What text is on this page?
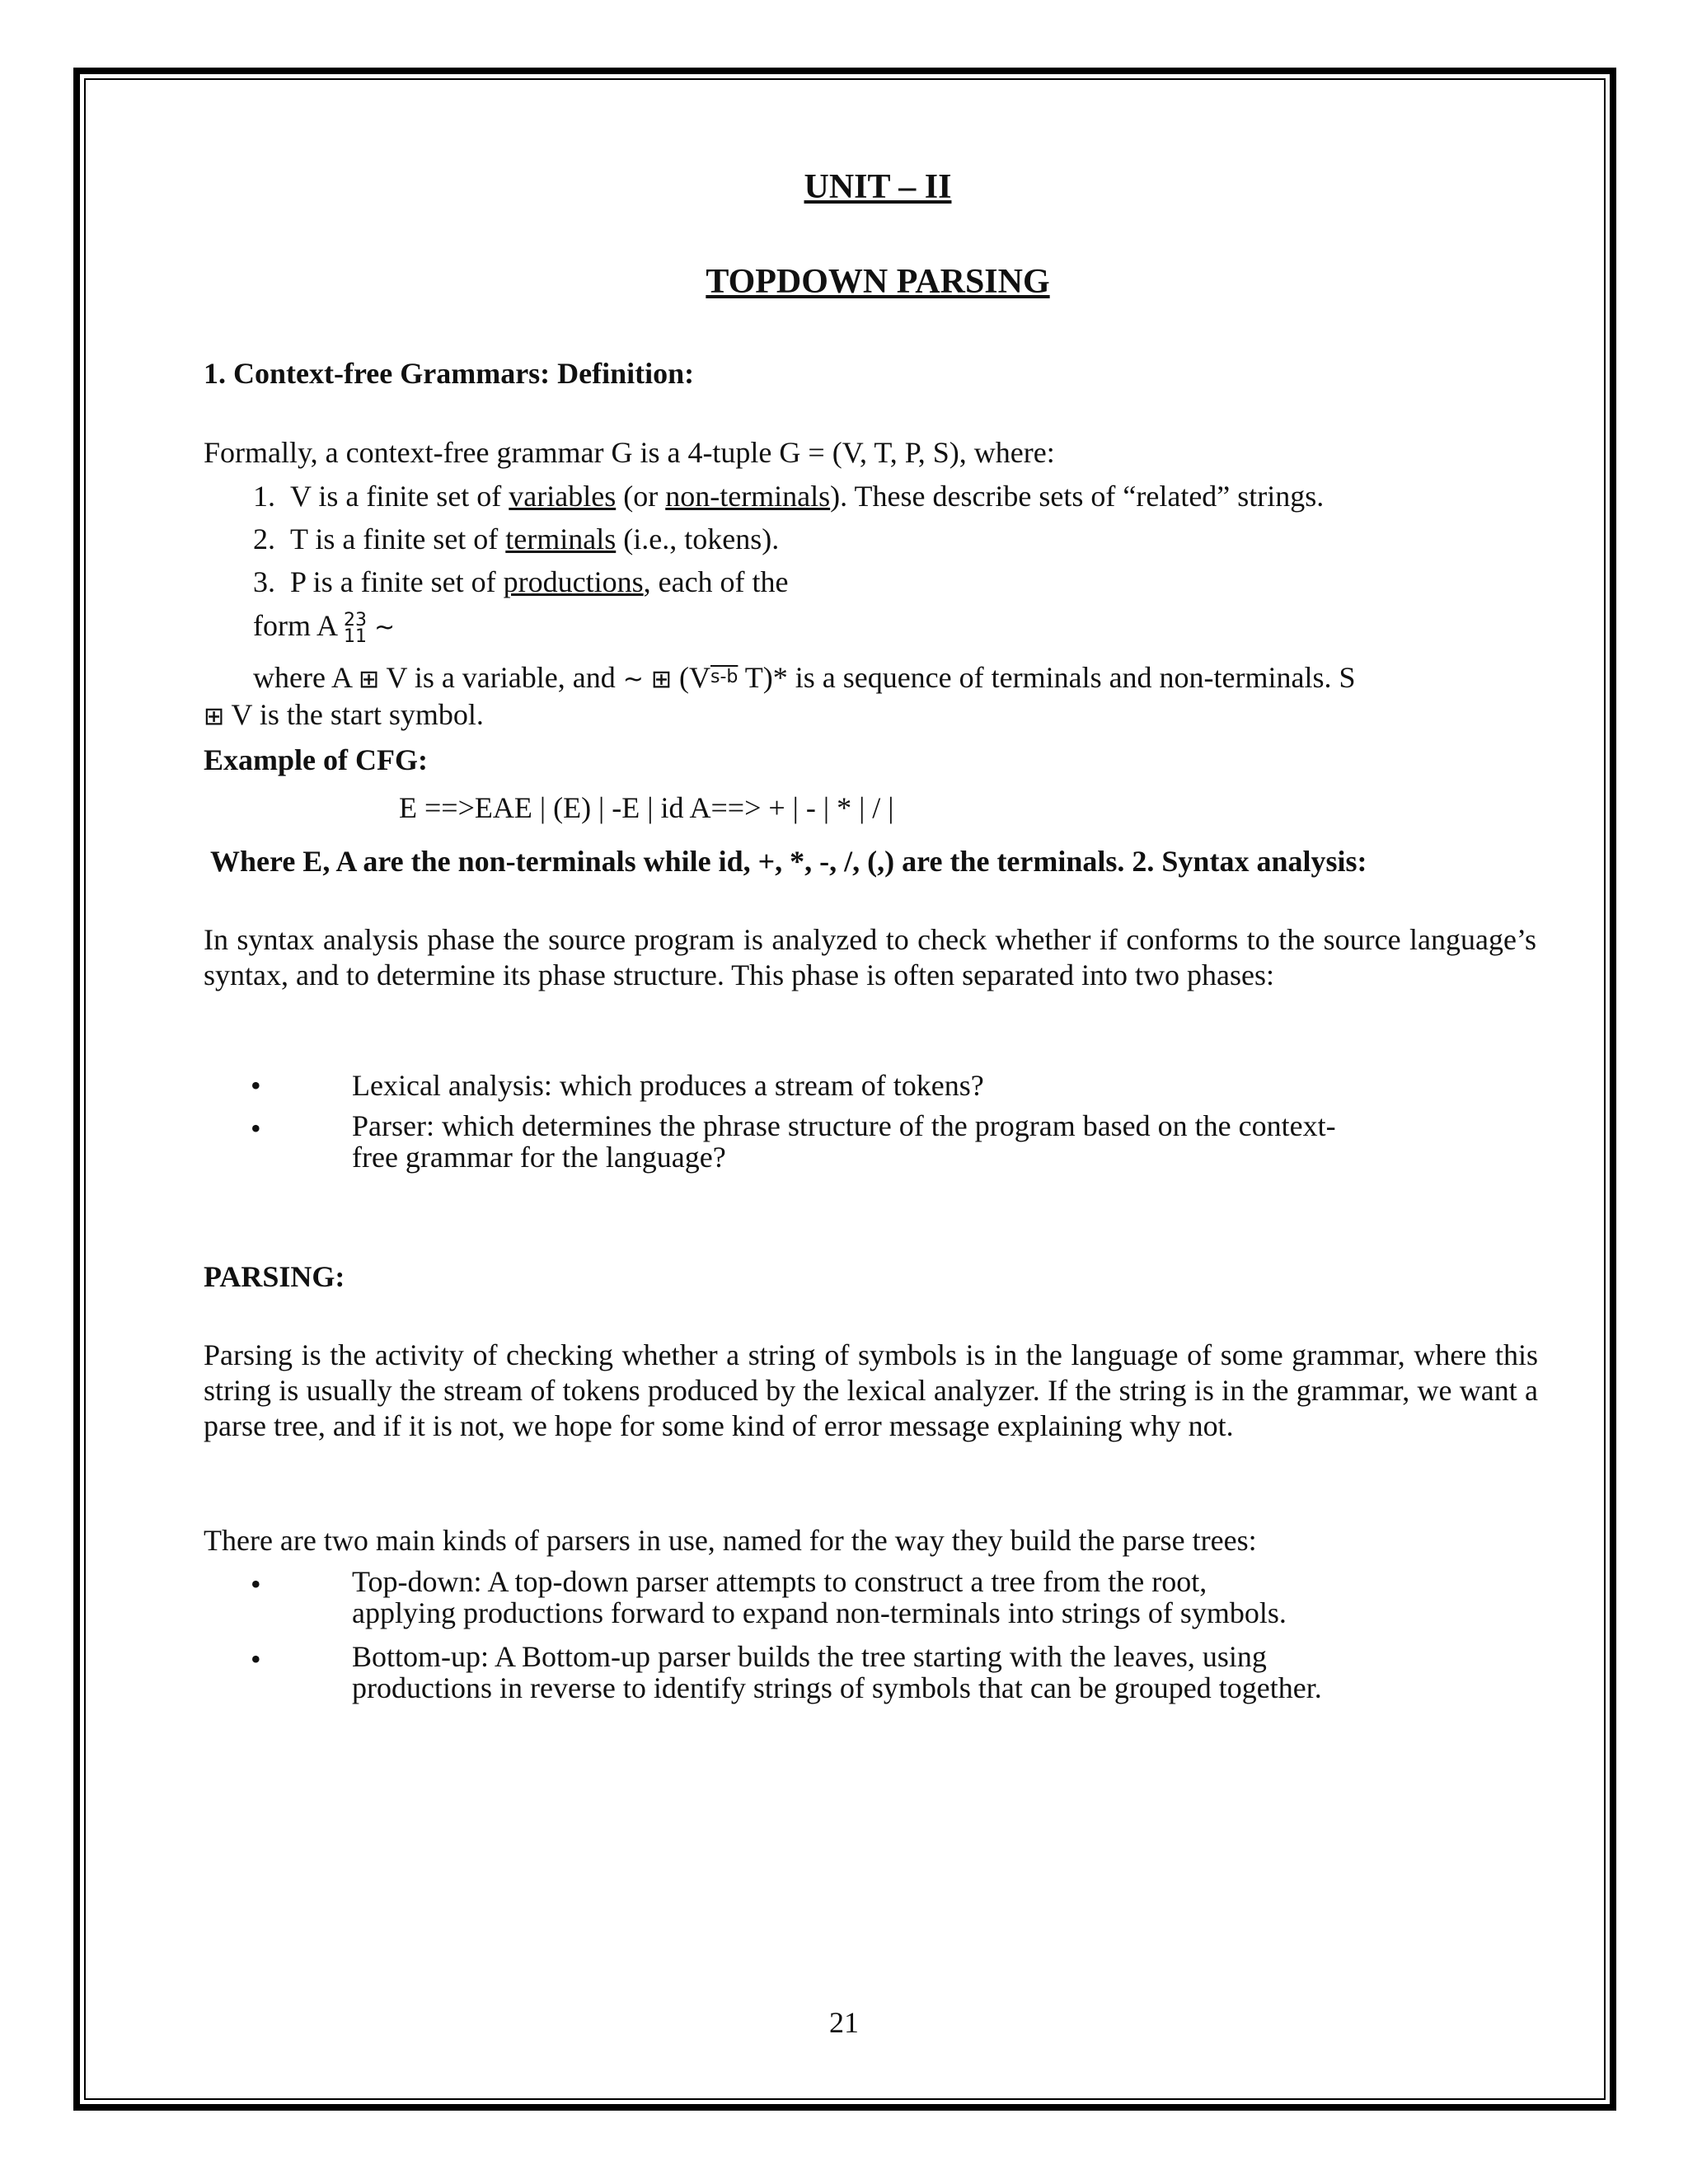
UNIT – II
TOPDOWN PARSING
1. Context-free Grammars: Definition:
Formally, a context-free grammar G is a 4-tuple G = (V, T, P, S), where:
1. V is a finite set of variables (or non-terminals). These describe sets of “related” strings.
2. T is a finite set of terminals (i.e., tokens).
3. P is a finite set of productions, each of the
form A 23
11 ~
where A ⊞ V is a variable, and ~ ⊞ (Vs-b T)* is a sequence of terminals and non-terminals. S
⊞ V is the start symbol.
Example of CFG:
E ==>EAE | (E) | -E | id A==> + | - | * | / |
Where E, A are the non-terminals while id, +, *, -, /, (,) are the terminals. 2. Syntax analysis:
In syntax analysis phase the source program is analyzed to check whether if conforms to the source language’s syntax, and to determine its phase structure. This phase is often separated into two phases:
•	Lexical analysis: which produces a stream of tokens?
•	Parser: which determines the phrase structure of the program based on the context-
free grammar for the language?
PARSING:
Parsing is the activity of checking whether a string of symbols is in the language of some grammar, where this string is usually the stream of tokens produced by the lexical analyzer. If the string is in the grammar, we want a parse tree, and if it is not, we hope for some kind of error message explaining why not.
There are two main kinds of parsers in use, named for the way they build the parse trees:
•	Top-down: A top-down parser attempts to construct a tree from the root,
applying productions forward to expand non-terminals into strings of symbols.
•	Bottom-up: A Bottom-up parser builds the tree starting with the leaves, using
productions in reverse to identify strings of symbols that can be grouped together.
21
